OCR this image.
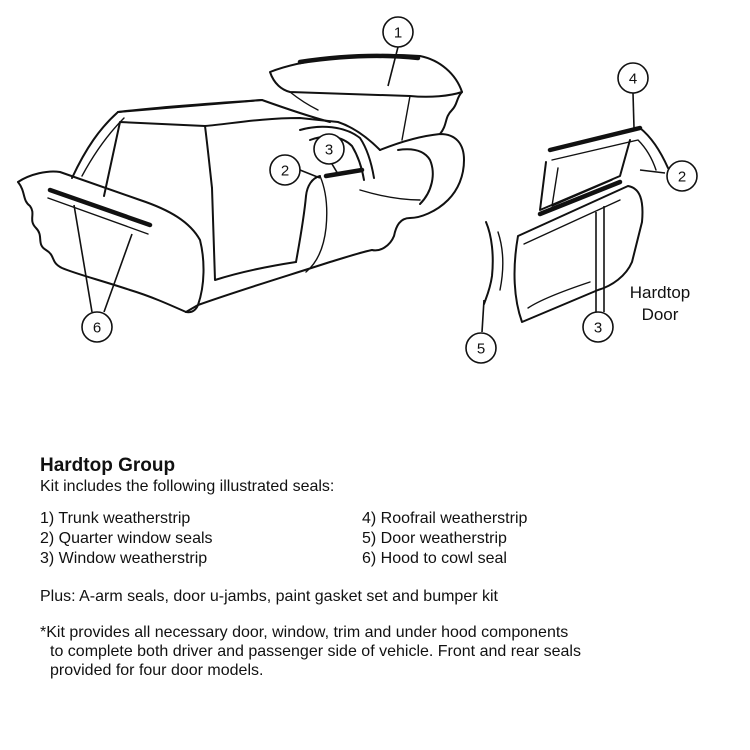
1
2
3
2
3
4
5
6
Hardtop
Door
Hardtop Group

Kit includes the following illustrated seals:

1) Trunk weatherstrip	4) Roofrail weatherstrip
2) Quarter window seals	5) Door weatherstrip
3) Window weatherstrip	6) Hood to cowl seal

Plus: A-arm seals, door u-jambs, paint gasket set and bumper kit

*Kit provides all necessary door, window, trim and under hood components
to complete both driver and passenger side of vehicle. Front and rear seals
provided for four door models.
